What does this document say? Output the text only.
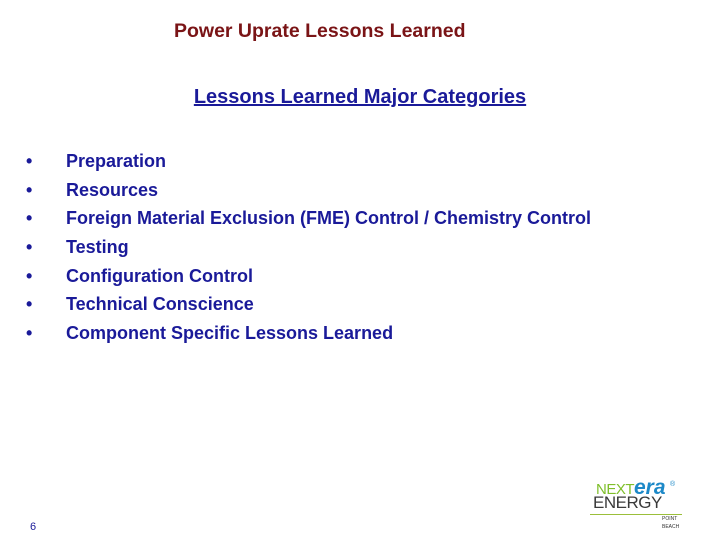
Power Uprate Lessons Learned
Lessons Learned Major Categories
•	Preparation
•	Resources
•	Foreign Material Exclusion (FME) Control / Chemistry Control
•	Testing
•	Configuration Control
•	Technical Conscience
•	Component Specific Lessons Learned
6
NEXT era ®
ENERGY
POINT
BEACH
